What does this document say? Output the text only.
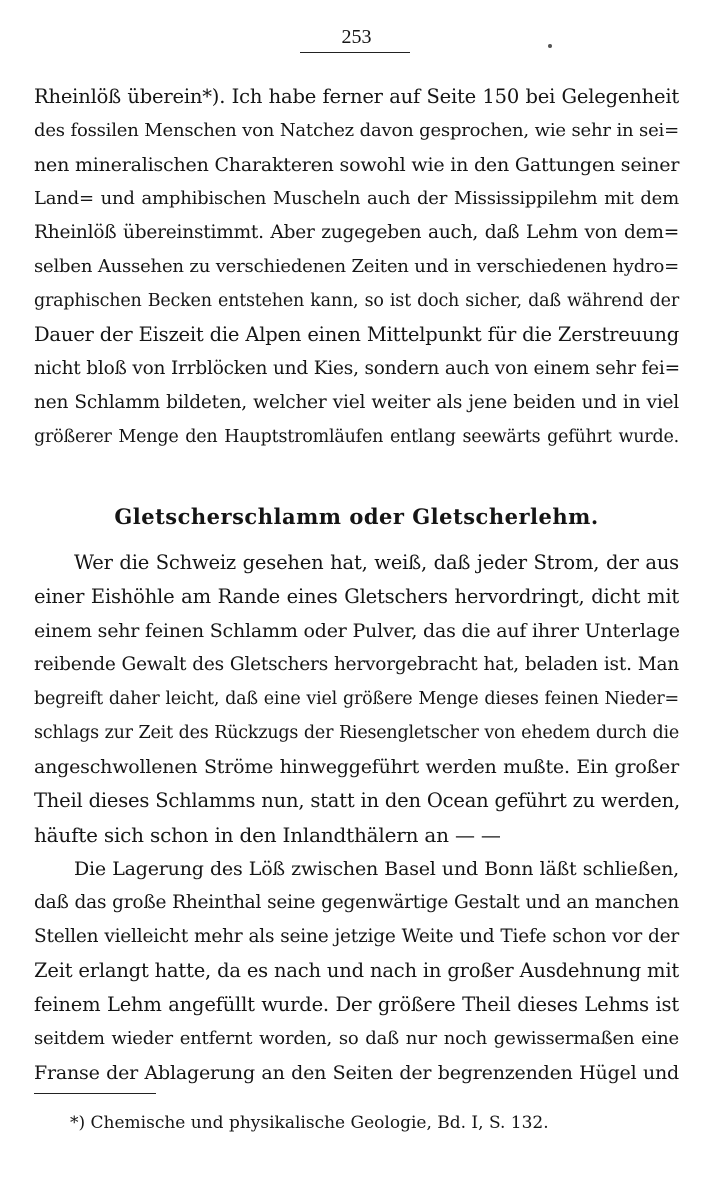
253
Rheinlöß überein*). Ich habe ferner auf Seite 150 bei Gelegenheit
des fossilen Menschen von Natchez davon gesprochen, wie sehr in sei=
nen mineralischen Charakteren sowohl wie in den Gattungen seiner
Land= und amphibischen Muscheln auch der Mississippilehm mit dem
Rheinlöß übereinstimmt. Aber zugegeben auch, daß Lehm von dem=
selben Aussehen zu verschiedenen Zeiten und in verschiedenen hydro=
graphischen Becken entstehen kann, so ist doch sicher, daß während der
Dauer der Eiszeit die Alpen einen Mittelpunkt für die Zerstreuung
nicht bloß von Irrblöcken und Kies, sondern auch von einem sehr fei=
nen Schlamm bildeten, welcher viel weiter als jene beiden und in viel
größerer Menge den Hauptstromläufen entlang seewärts geführt wurde.
Gletscherschlamm oder Gletscherlehm.
Wer die Schweiz gesehen hat, weiß, daß jeder Strom, der aus
einer Eishöhle am Rande eines Gletschers hervordringt, dicht mit
einem sehr feinen Schlamm oder Pulver, das die auf ihrer Unterlage
reibende Gewalt des Gletschers hervorgebracht hat, beladen ist. Man
begreift daher leicht, daß eine viel größere Menge dieses feinen Nieder=
schlags zur Zeit des Rückzugs der Riesengletscher von ehedem durch die
angeschwollenen Ströme hinweggeführt werden mußte. Ein großer
Theil dieses Schlamms nun, statt in den Ocean geführt zu werden,
häufte sich schon in den Inlandthälern an — —
Die Lagerung des Löß zwischen Basel und Bonn läßt schließen,
daß das große Rheinthal seine gegenwärtige Gestalt und an manchen
Stellen vielleicht mehr als seine jetzige Weite und Tiefe schon vor der
Zeit erlangt hatte, da es nach und nach in großer Ausdehnung mit
feinem Lehm angefüllt wurde. Der größere Theil dieses Lehms ist
seitdem wieder entfernt worden, so daß nur noch gewissermaßen eine
Franse der Ablagerung an den Seiten der begrenzenden Hügel und
*) Chemische und physikalische Geologie, Bd. I, S. 132.
